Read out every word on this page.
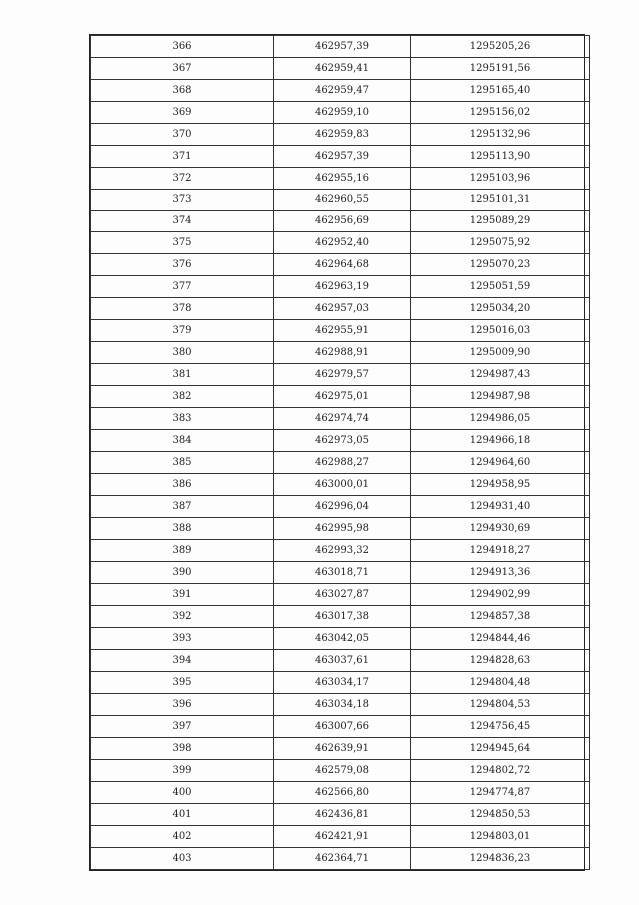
366	462957,39	1295205,26
367	462959,41	1295191,56
368	462959,47	1295165,40
369	462959,10	1295156,02
370	462959,83	1295132,96
371	462957,39	1295113,90
372	462955,16	1295103,96
373	462960,55	1295101,31
374	462956,69	1295089,29
375	462952,40	1295075,92
376	462964,68	1295070,23
377	462963,19	1295051,59
378	462957,03	1295034,20
379	462955,91	1295016,03
380	462988,91	1295009,90
381	462979,57	1294987,43
382	462975,01	1294987,98
383	462974,74	1294986,05
384	462973,05	1294966,18
385	462988,27	1294964,60
386	463000,01	1294958,95
387	462996,04	1294931,40
388	462995,98	1294930,69
389	462993,32	1294918,27
390	463018,71	1294913,36
391	463027,87	1294902,99
392	463017,38	1294857,38
393	463042,05	1294844,46
394	463037,61	1294828,63
395	463034,17	1294804,48
396	463034,18	1294804,53
397	463007,66	1294756,45
398	462639,91	1294945,64
399	462579,08	1294802,72
400	462566,80	1294774,87
401	462436,81	1294850,53
402	462421,91	1294803,01
403	462364,71	1294836,23
